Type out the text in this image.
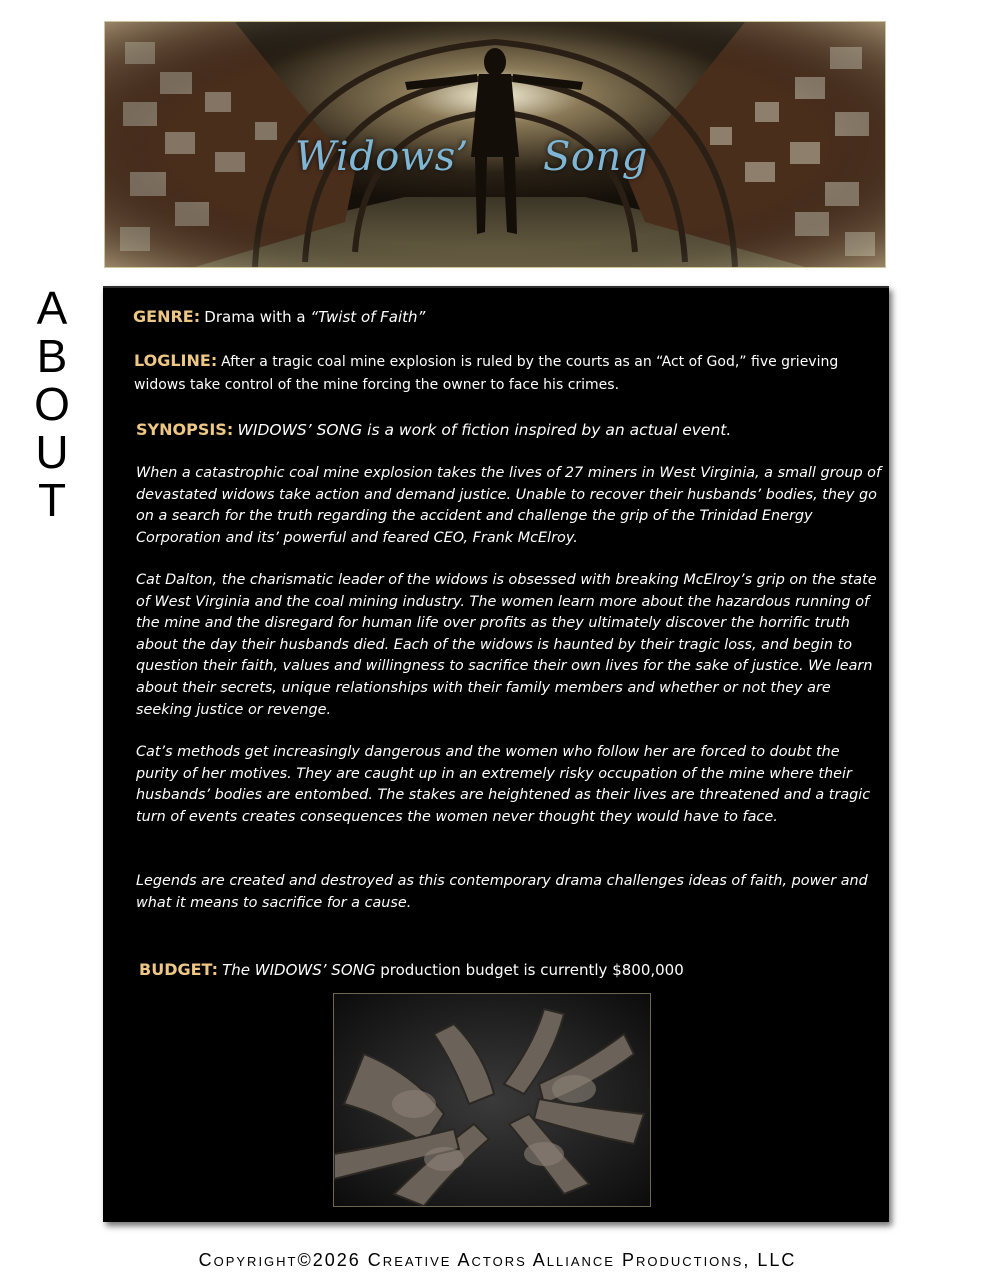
Widows’ Song
A
B
O
U
T
GENRE: Drama with a “Twist of Faith”
LOGLINE: After a tragic coal mine explosion is ruled by the courts as an “Act of God,” five grieving widows take control of the mine forcing the owner to face his crimes.
SYNOPSIS: WIDOWS’ SONG is a work of fiction inspired by an actual event.

When a catastrophic coal mine explosion takes the lives of 27 miners in West Virginia, a small group of devastated widows take action and demand justice. Unable to recover their husbands’ bodies, they go on a search for the truth regarding the accident and challenge the grip of the Trinidad Energy Corporation and its’ powerful and feared CEO, Frank McElroy.

Cat Dalton, the charismatic leader of the widows is obsessed with breaking McElroy’s grip on the state of West Virginia and the coal mining industry. The women learn more about the hazardous running of the mine and the disregard for human life over profits as they ultimately discover the horrific truth about the day their husbands died. Each of the widows is haunted by their tragic loss, and begin to question their faith, values and willingness to sacrifice their own lives for the sake of justice. We learn about their secrets, unique relationships with their family members and whether or not they are seeking justice or revenge.

Cat’s methods get increasingly dangerous and the women who follow her are forced to doubt the purity of her motives. They are caught up in an extremely risky occupation of the mine where their husbands’ bodies are entombed. The stakes are heightened as their lives are threatened and a tragic turn of events creates consequences the women never thought they would have to face.

Legends are created and destroyed as this contemporary drama challenges ideas of faith, power and what it means to sacrifice for a cause.

BUDGET: The WIDOWS’ SONG production budget is currently $800,000
Copyright©2026 Creative Actors Alliance Productions, LLC
